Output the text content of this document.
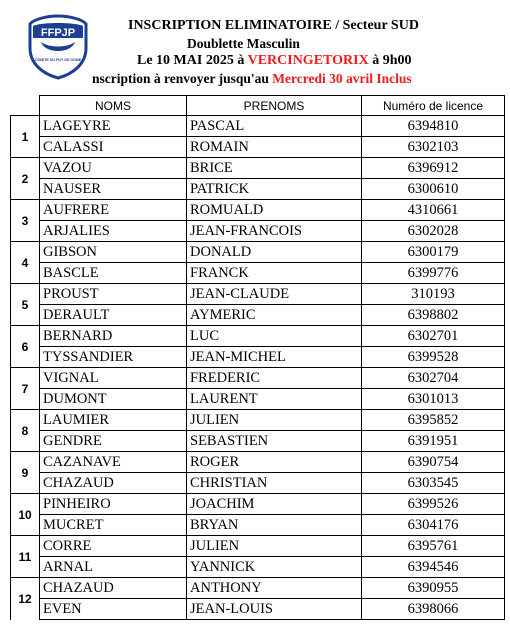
FFPJP
COMITE DU PUY DE DOME
INSCRIPTION ELIMINATOIRE / Secteur SUD
Doublette Masculin
Le 10 MAI 2025 à VERCINGETORIX à 9h00
nscription à renvoyer jusqu'au Mercredi 30 avril Inclus
	NOMS	PRENOMS	Numéro de licence
1	LAGEYRE	PASCAL	6394810
	CALASSI	ROMAIN	6302103
2	VAZOU	BRICE	6396912
	NAUSER	PATRICK	6300610
3	AUFRERE	ROMUALD	4310661
	ARJALIES	JEAN-FRANCOIS	6302028
4	GIBSON	DONALD	6300179
	BASCLE	FRANCK	6399776
5	PROUST	JEAN-CLAUDE	310193
	DERAULT	AYMERIC	6398802
6	BERNARD	LUC	6302701
	TYSSANDIER	JEAN-MICHEL	6399528
7	VIGNAL	FREDERIC	6302704
	DUMONT	LAURENT	6301013
8	LAUMIER	JULIEN	6395852
	GENDRE	SEBASTIEN	6391951
9	CAZANAVE	ROGER	6390754
	CHAZAUD	CHRISTIAN	6303545
10	PINHEIRO	JOACHIM	6399526
	MUCRET	BRYAN	6304176
11	CORRE	JULIEN	6395761
	ARNAL	YANNICK	6394546
12	CHAZAUD	ANTHONY	6390955
	EVEN	JEAN-LOUIS	6398066
